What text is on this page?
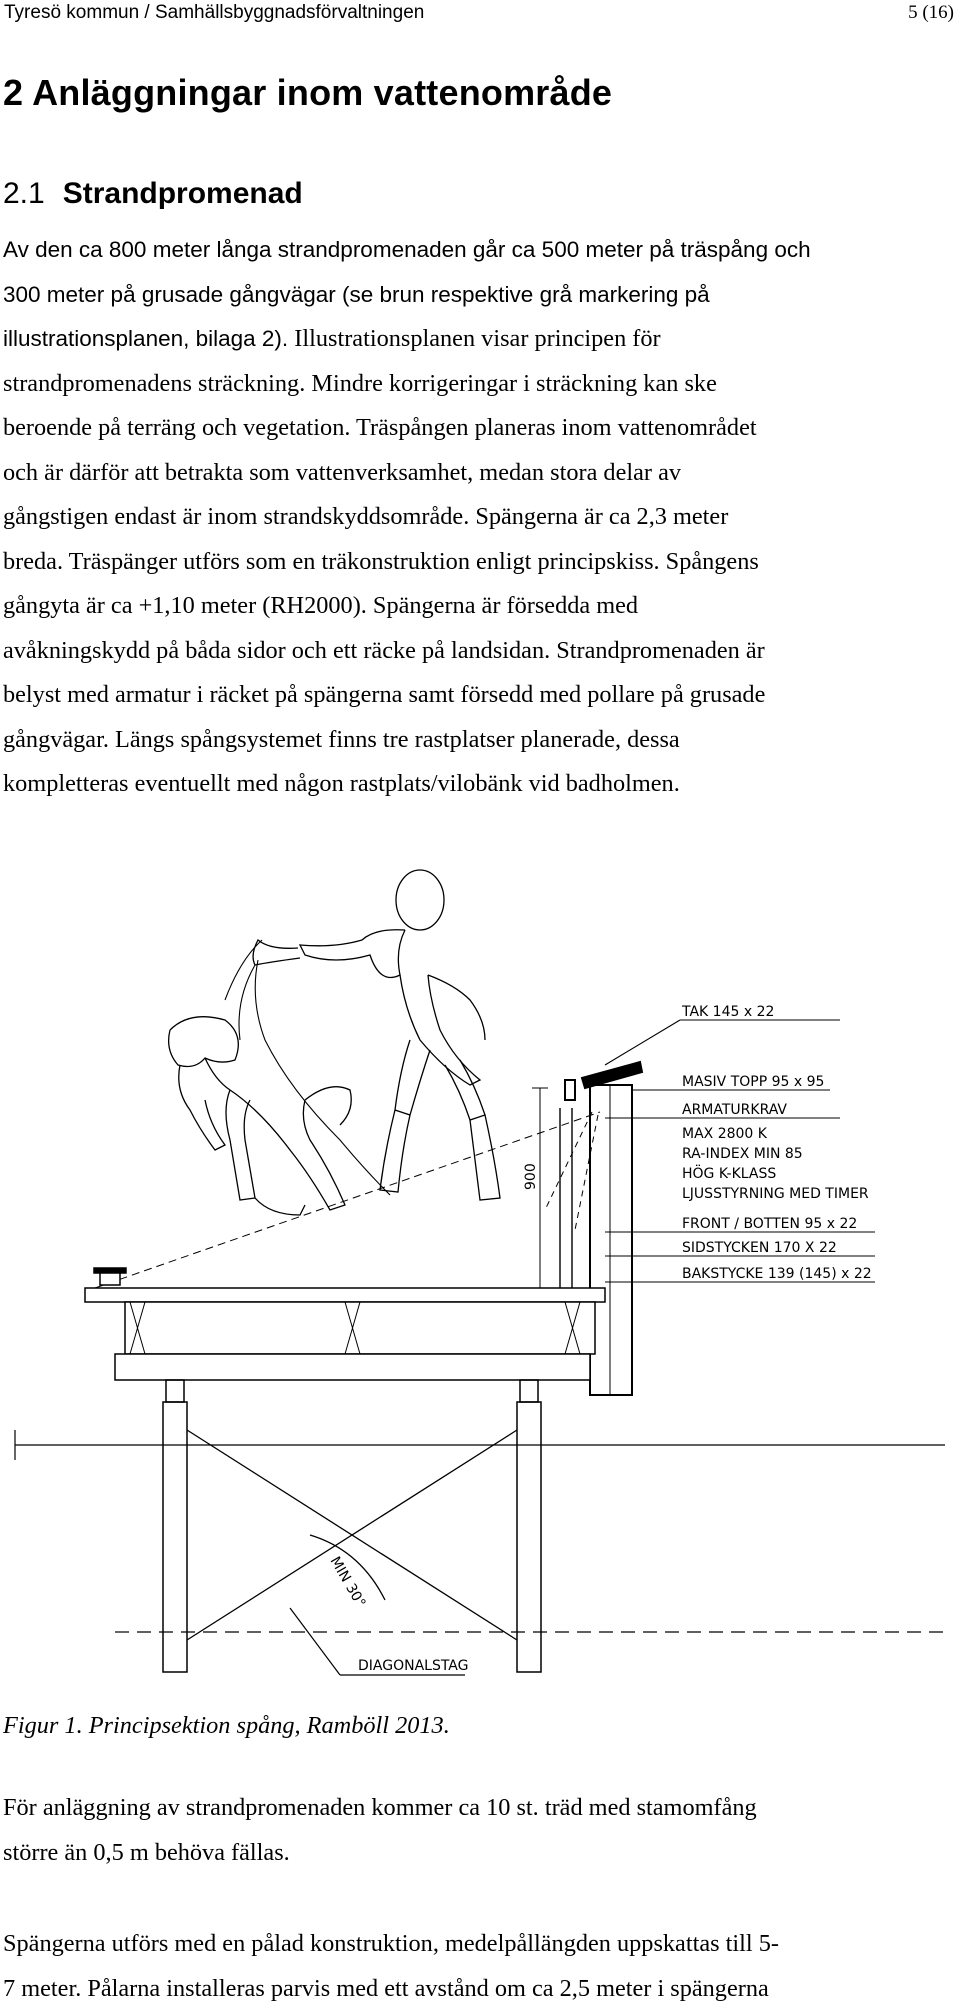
Tyresö kommun / Samhällsbyggnadsförvaltningen	5 (16)
2 Anläggningar inom vattenområde
2.1 Strandpromenad
Av den ca 800 meter långa strandpromenaden går ca 500 meter på träspång och
300 meter på grusade gångvägar (se brun respektive grå markering på
illustrationsplanen, bilaga 2). Illustrationsplanen visar principen för
strandpromenadens sträckning. Mindre korrigeringar i sträckning kan ske
beroende på terräng och vegetation. Träspången planeras inom vattenområdet
och är därför att betrakta som vattenverksamhet, medan stora delar av
gångstigen endast är inom strandskyddsområde. Spängerna är ca 2,3 meter
breda. Träspänger utförs som en träkonstruktion enligt principskiss. Spångens
gångyta är ca +1,10 meter (RH2000). Spängerna är försedda med
avåkningskydd på båda sidor och ett räcke på landsidan. Strandpromenaden är
belyst med armatur i räcket på spängerna samt försedd med pollare på grusade
gångvägar. Längs spångsystemet finns tre rastplatser planerade, dessa
kompletteras eventuellt med någon rastplats/vilobänk vid badholmen.
900
MIN 30°
DIAGONALSTAG
TAK 145 x 22
MASIV TOPP 95 x 95
ARMATURKRAV
MAX 2800 K
RA-INDEX MIN 85
HÖG K-KLASS
LJUSSTYRNING MED TIMER
FRONT / BOTTEN 95 x 22
SIDSTYCKEN 170 X 22
BAKSTYCKE 139 (145) x 22
Figur 1. Principsektion spång, Ramböll 2013.
För anläggning av strandpromenaden kommer ca 10 st. träd med stamomfång
större än 0,5 m behöva fällas.
Spängerna utförs med en pålad konstruktion, medelpållängden uppskattas till 5-
7 meter. Pålarna installeras parvis med ett avstånd om ca 2,5 meter i spängerna
